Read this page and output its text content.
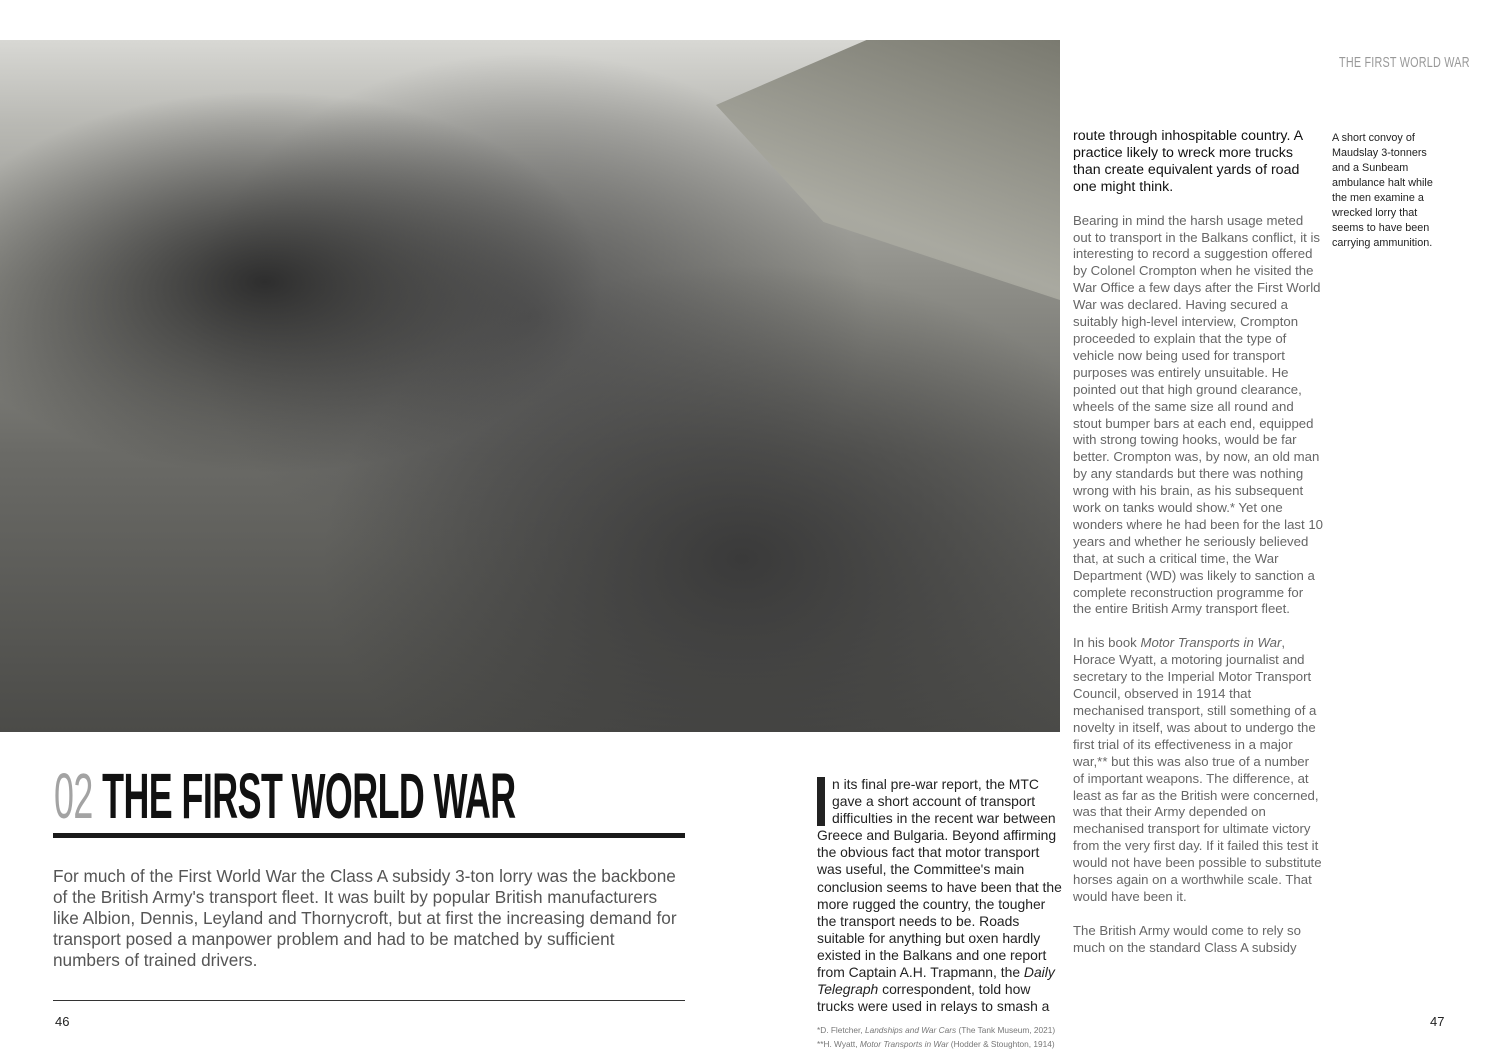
THE FIRST WORLD WAR

route through inhospitable country. A practice likely to wreck more trucks than create equivalent yards of road one might think.

Bearing in mind the harsh usage meted out to transport in the Balkans conflict, it is interesting to record a suggestion offered by Colonel Crompton when he visited the War Office a few days after the First World War was declared. Having secured a suitably high-level interview, Crompton proceeded to explain that the type of vehicle now being used for transport purposes was entirely unsuitable. He pointed out that high ground clearance, wheels of the same size all round and stout bumper bars at each end, equipped with strong towing hooks, would be far better. Crompton was, by now, an old man by any standards but there was nothing wrong with his brain, as his subsequent work on tanks would show.* Yet one wonders where he had been for the last 10 years and whether he seriously believed that, at such a critical time, the War Department (WD) was likely to sanction a complete reconstruction programme for the entire British Army transport fleet.

In his book Motor Transports in War, Horace Wyatt, a motoring journalist and secretary to the Imperial Motor Transport Council, observed in 1914 that mechanised transport, still something of a novelty in itself, was about to undergo the first trial of its effectiveness in a major war,** but this was also true of a number of important weapons. The difference, at least as far as the British were concerned, was that their Army depended on mechanised transport for ultimate victory from the very first day. If it failed this test it would not have been possible to substitute horses again on a worthwhile scale. That would have been it.

The British Army would come to rely so much on the standard Class A subsidy

A short convoy of Maudslay 3-tonners and a Sunbeam ambulance halt while the men examine a wrecked lorry that seems to have been carrying ammunition.
02 THE FIRST WORLD WAR
For much of the First World War the Class A subsidy 3-ton lorry was the backbone of the British Army's transport fleet. It was built by popular British manufacturers like Albion, Dennis, Leyland and Thornycroft, but at first the increasing demand for transport posed a manpower problem and had to be matched by sufficient numbers of trained drivers.
n its final pre-war report, the MTC gave a short account of transport difficulties in the recent war between Greece and Bulgaria. Beyond affirming the obvious fact that motor transport was useful, the Committee's main conclusion seems to have been that the more rugged the country, the tougher the transport needs to be. Roads suitable for anything but oxen hardly existed in the Balkans and one report from Captain A.H. Trapmann, the Daily Telegraph correspondent, told how trucks were used in relays to smash a
*D. Fletcher, Landships and War Cars (The Tank Museum, 2021)
**H. Wyatt, Motor Transports in War (Hodder & Stoughton, 1914)
46	47
